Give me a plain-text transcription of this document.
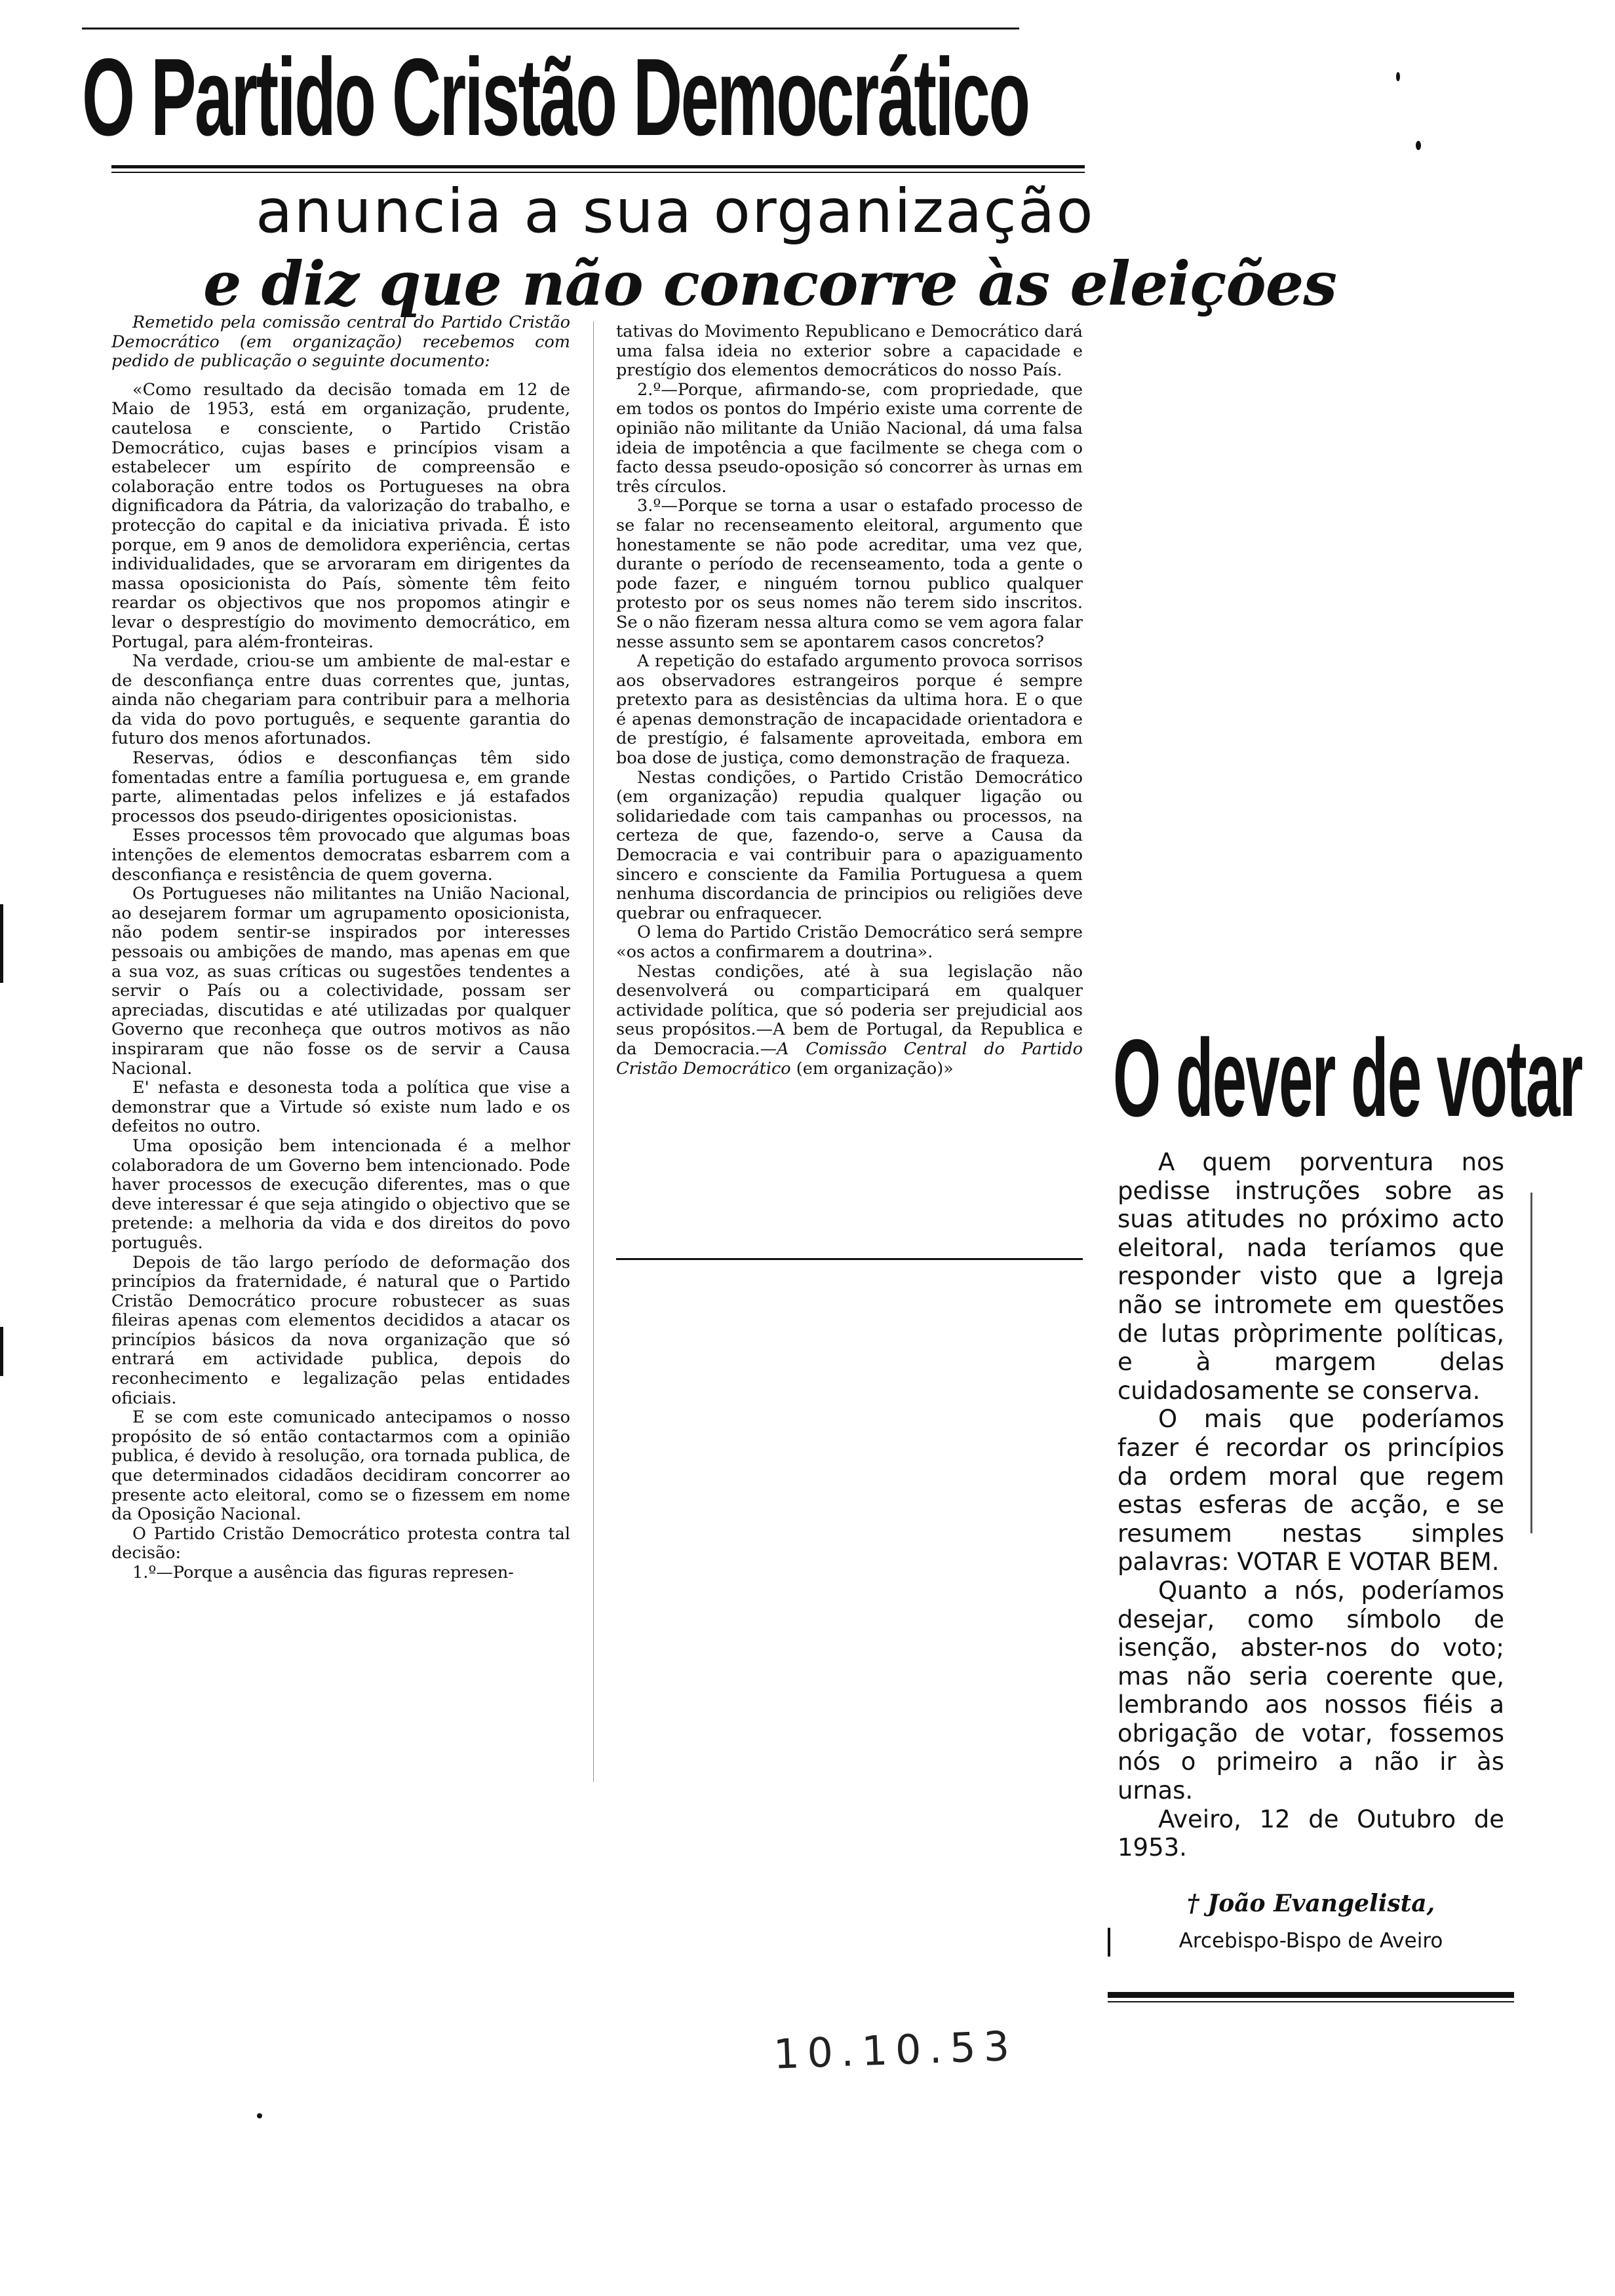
O Partido Cristão Democrático
anuncia a sua organização
e diz que não concorre às eleições

Remetido pela comissão central do Partido Cristão Democrático (em organização) recebemos com pedido de publicação o seguinte documento:

«Como resultado da decisão tomada em 12 de Maio de 1953, está em organização, prudente, cautelosa e consciente, o Partido Cristão Democrático, cujas bases e princípios visam a estabelecer um espírito de compreensão e colaboração entre todos os Portugueses na obra dignificadora da Pátria, da valorização do trabalho, e protecção do capital e da iniciativa privada. É isto porque, em 9 anos de demolidora experiência, certas individualidades, que se arvoraram em dirigentes da massa oposicionista do País, sòmente têm feito reardar os objectivos que nos propomos atingir e levar o desprestígio do movimento democrático, em Portugal, para além-fronteiras.

Na verdade, criou-se um ambiente de mal-estar e de desconfiança entre duas correntes que, juntas, ainda não chegariam para contribuir para a melhoria da vida do povo português, e sequente garantia do futuro dos menos afortunados.

Reservas, ódios e desconfianças têm sido fomentadas entre a família portuguesa e, em grande parte, alimentadas pelos infelizes e já estafados processos dos pseudo-dirigentes oposicionistas.

Esses processos têm provocado que algumas boas intenções de elementos democratas esbarrem com a desconfiança e resistência de quem governa.

Os Portugueses não militantes na União Nacional, ao desejarem formar um agrupamento oposicionista, não podem sentir-se inspirados por interesses pessoais ou ambições de mando, mas apenas em que a sua voz, as suas críticas ou sugestões tendentes a servir o País ou a colectividade, possam ser apreciadas, discutidas e até utilizadas por qualquer Governo que reconheça que outros motivos as não inspiraram que não fosse os de servir a Causa Nacional.

E' nefasta e desonesta toda a política que vise a demonstrar que a Virtude só existe num lado e os defeitos no outro.

Uma oposição bem intencionada é a melhor colaboradora de um Governo bem intencionado. Pode haver processos de execução diferentes, mas o que deve interessar é que seja atingido o objectivo que se pretende: a melhoria da vida e dos direitos do povo português.

Depois de tão largo período de deformação dos princípios da fraternidade, é natural que o Partido Cristão Democrático procure robustecer as suas fileiras apenas com elementos decididos a atacar os princípios básicos da nova organização que só entrará em actividade publica, depois do reconhecimento e legalização pelas entidades oficiais.

E se com este comunicado antecipamos o nosso propósito de só então contactarmos com a opinião publica, é devido à resolução, ora tornada publica, de que determinados cidadãos decidiram concorrer ao presente acto eleitoral, como se o fizessem em nome da Oposição Nacional.

O Partido Cristão Democrático protesta contra tal decisão:

1.º—Porque a ausência das figuras represen-

tativas do Movimento Republicano e Democrático dará uma falsa ideia no exterior sobre a capacidade e prestígio dos elementos democráticos do nosso País.

2.º—Porque, afirmando-se, com propriedade, que em todos os pontos do Império existe uma corrente de opinião não militante da União Nacional, dá uma falsa ideia de impotência a que facilmente se chega com o facto dessa pseudo-oposição só concorrer às urnas em três círculos.

3.º—Porque se torna a usar o estafado processo de se falar no recenseamento eleitoral, argumento que honestamente se não pode acreditar, uma vez que, durante o período de recenseamento, toda a gente o pode fazer, e ninguém tornou publico qualquer protesto por os seus nomes não terem sido inscritos. Se o não fizeram nessa altura como se vem agora falar nesse assunto sem se apontarem casos concretos?

A repetição do estafado argumento provoca sorrisos aos observadores estrangeiros porque é sempre pretexto para as desistências da ultima hora. E o que é apenas demonstração de incapacidade orientadora e de prestígio, é falsamente aproveitada, embora em boa dose de justiça, como demonstração de fraqueza.

Nestas condições, o Partido Cristão Democrático (em organização) repudia qualquer ligação ou solidariedade com tais campanhas ou processos, na certeza de que, fazendo-o, serve a Causa da Democracia e vai contribuir para o apaziguamento sincero e consciente da Familia Portuguesa a quem nenhuma discordancia de principios ou religiões deve quebrar ou enfraquecer.

O lema do Partido Cristão Democrático será sempre «os actos a confirmarem a doutrina».

Nestas condições, até à sua legislação não desenvolverá ou comparticipará em qualquer actividade política, que só poderia ser prejudicial aos seus propósitos.—A bem de Portugal, da Republica e da Democracia.—A Comissão Central do Partido Cristão Democrático (em organização)»	O dever de votar

A quem porventura nos pedisse instruções sobre as suas atitudes no próximo acto eleitoral, nada teríamos que responder visto que a Igreja não se intromete em questões de lutas pròprimente políticas, e à margem delas cuidadosamente se conserva.

O mais que poderíamos fazer é recordar os princípios da ordem moral que regem estas esferas de acção, e se resumem nestas simples palavras: VOTAR E VOTAR BEM.

Quanto a nós, poderíamos desejar, como símbolo de isenção, abster-nos do voto; mas não seria coerente que, lembrando aos nossos fiéis a obrigação de votar, fossemos nós o primeiro a não ir às urnas.

Aveiro, 12 de Outubro de 1953.

† João Evangelista,
Arcebispo-Bispo de Aveiro
10.10.53
